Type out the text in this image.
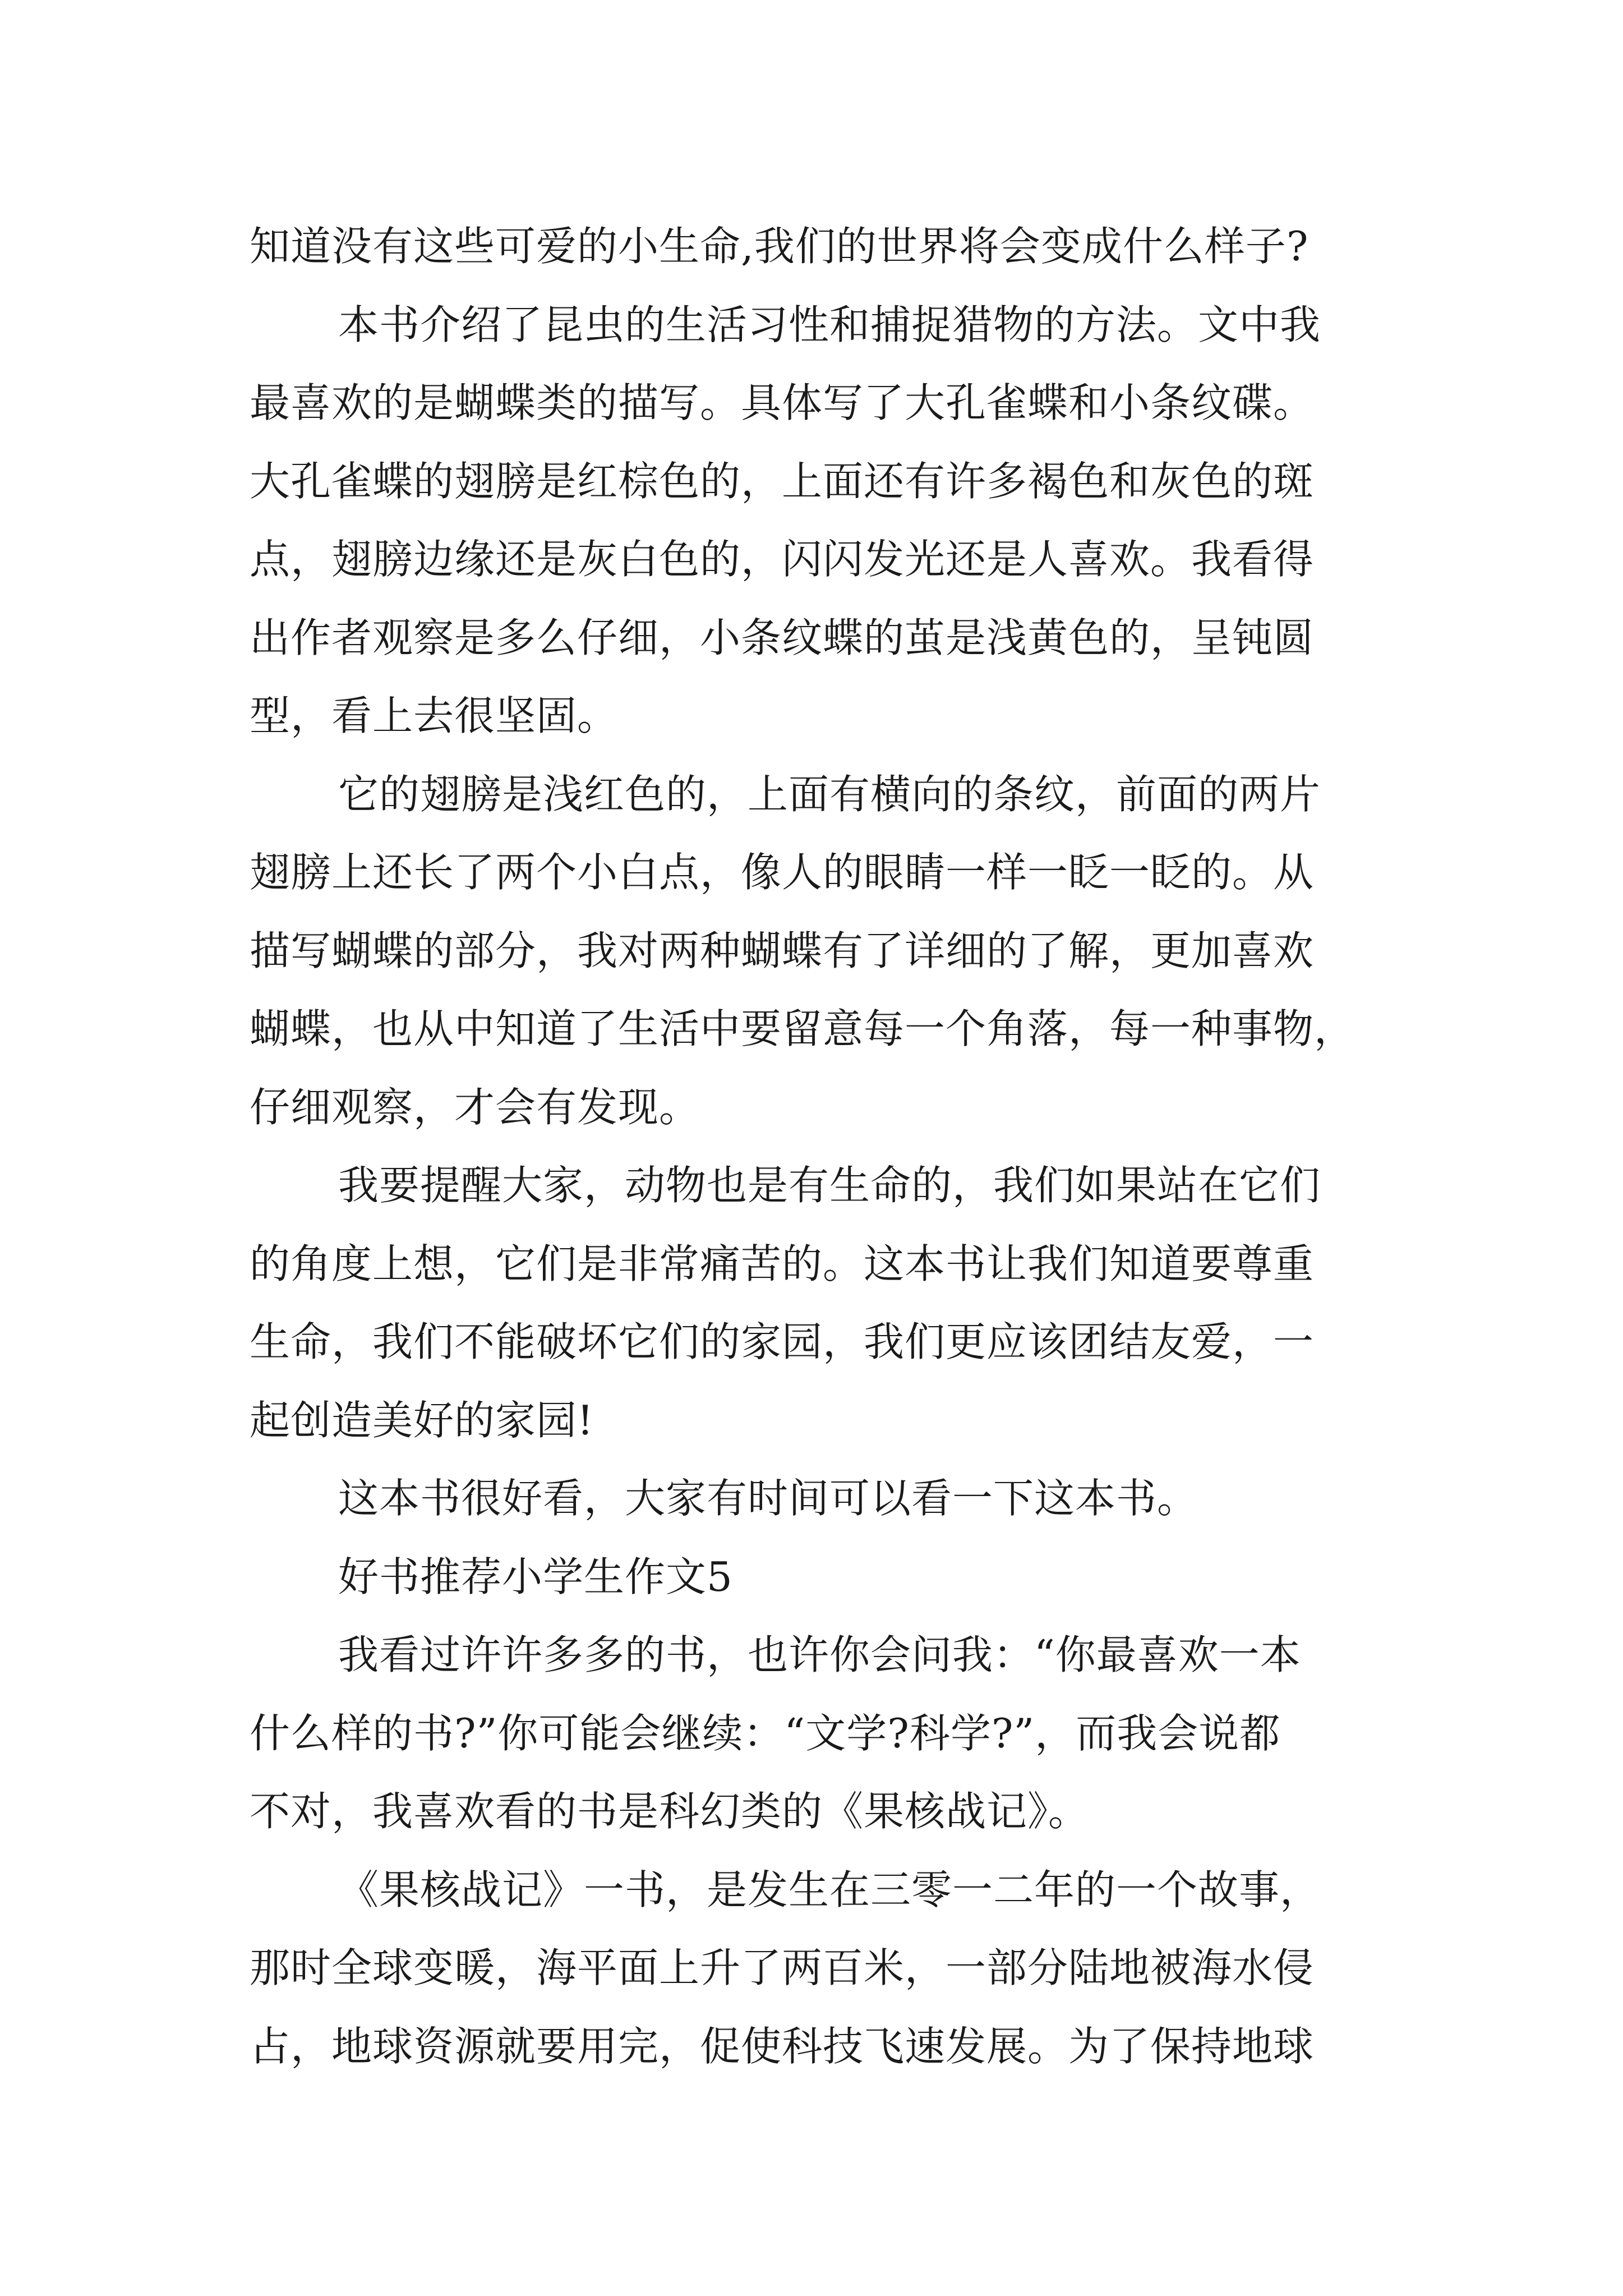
知道没有这些可爱的小生命,我们的世界将会变成什么样子?
本书介绍了昆虫的生活习性和捕捉猎物的方法。文中我
最喜欢的是蝴蝶类的描写。具体写了大孔雀蝶和小条纹碟。
大孔雀蝶的翅膀是红棕色的，上面还有许多褐色和灰色的斑
点，翅膀边缘还是灰白色的，闪闪发光还是人喜欢。我看得
出作者观察是多么仔细，小条纹蝶的茧是浅黄色的，呈钝圆
型，看上去很坚固。
它的翅膀是浅红色的，上面有横向的条纹，前面的两片
翅膀上还长了两个小白点，像人的眼睛一样一眨一眨的。从
描写蝴蝶的部分，我对两种蝴蝶有了详细的了解，更加喜欢
蝴蝶，也从中知道了生活中要留意每一个角落，每一种事物，
仔细观察，才会有发现。
我要提醒大家，动物也是有生命的，我们如果站在它们
的角度上想，它们是非常痛苦的。这本书让我们知道要尊重
生命，我们不能破坏它们的家园，我们更应该团结友爱，一
起创造美好的家园!
这本书很好看，大家有时间可以看一下这本书。
好书推荐小学生作文5
我看过许许多多的书，也许你会问我：“你最喜欢一本
什么样的书?”你可能会继续：“文学?科学?”，而我会说都
不对，我喜欢看的书是科幻类的《果核战记》。
《果核战记》一书，是发生在三零一二年的一个故事，
那时全球变暖，海平面上升了两百米，一部分陆地被海水侵
占，地球资源就要用完，促使科技飞速发展。为了保持地球
